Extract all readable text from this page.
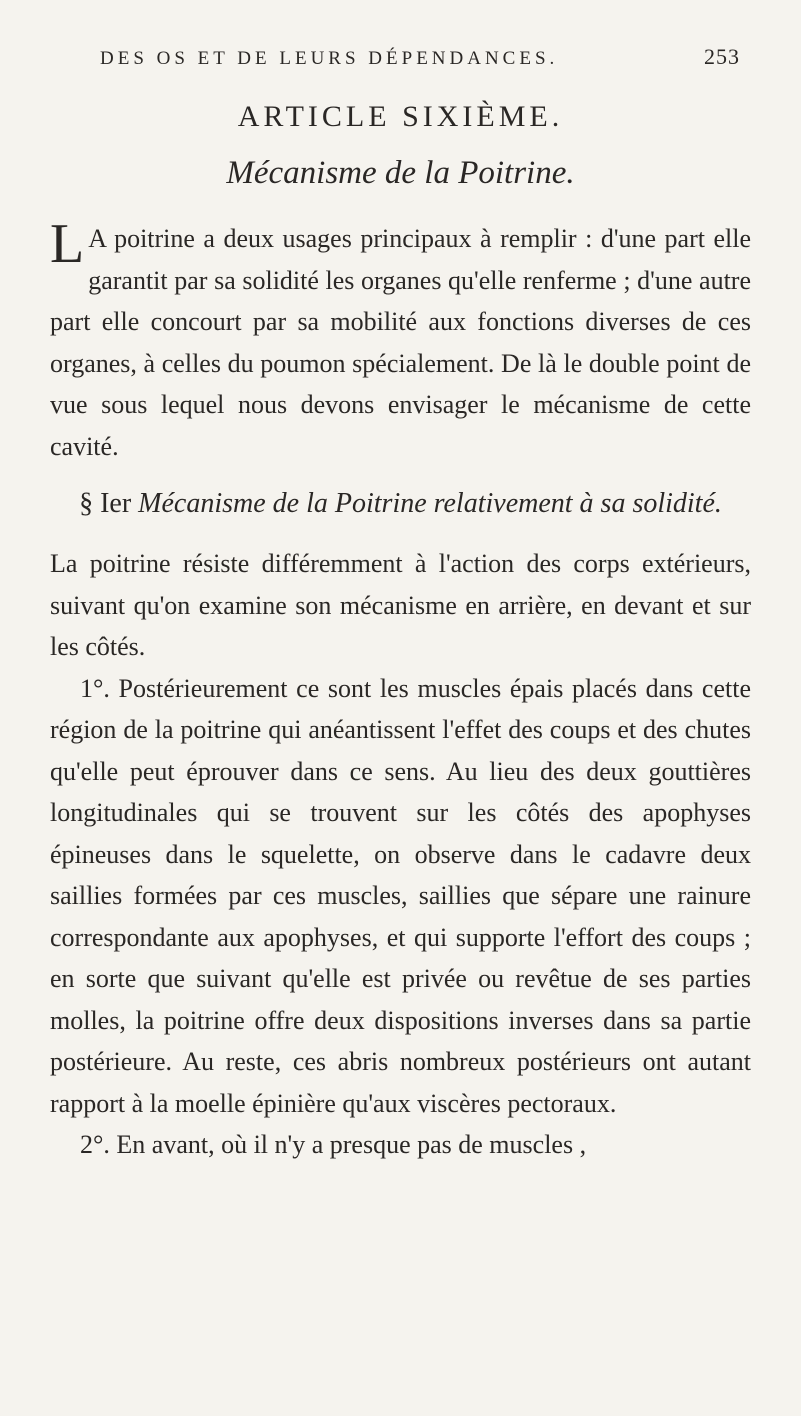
DES OS ET DE LEURS DÉPENDANCES.	253
ARTICLE SIXIÈME.
Mécanisme de la Poitrine.

L A poitrine a deux usages principaux à remplir : d'une part elle garantit par sa solidité les organes qu'elle renferme ; d'une autre part elle concourt par sa mobilité aux fonctions diverses de ces organes, à celles du poumon spécialement. De là le double point de vue sous lequel nous devons envisager le mécanisme de cette cavité.

§ Ier Mécanisme de la Poitrine relativement à sa solidité.

La poitrine résiste différemment à l'action des corps extérieurs, suivant qu'on examine son mécanisme en arrière, en devant et sur les côtés.

1°. Postérieurement ce sont les muscles épais placés dans cette région de la poitrine qui anéantissent l'effet des coups et des chutes qu'elle peut éprouver dans ce sens. Au lieu des deux gouttières longitudinales qui se trouvent sur les côtés des apophyses épineuses dans le squelette, on observe dans le cadavre deux saillies formées par ces muscles, saillies que sépare une rainure correspondante aux apophyses, et qui supporte l'effort des coups ; en sorte que suivant qu'elle est privée ou revêtue de ses parties molles, la poitrine offre deux dispositions inverses dans sa partie postérieure. Au reste, ces abris nombreux postérieurs ont autant rapport à la moelle épinière qu'aux viscères pectoraux.

2°. En avant, où il n'y a presque pas de muscles ,
